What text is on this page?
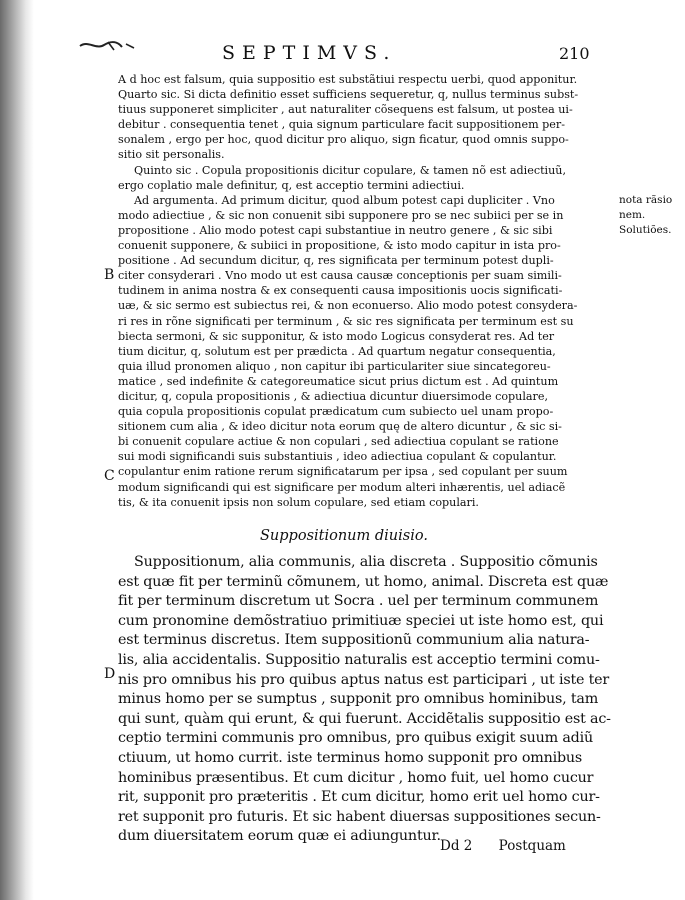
SEPTIMVS.	210

A d hoc est falsum, quia suppositio est substãtiui respectu uerbi, quod apponitur.
Quarto sic. Si dicta definitio esset sufficiens sequeretur, q, nullus terminus subst-
tiuus supponeret simpliciter , aut naturaliter cõsequens est falsum, ut postea ui-
debitur . consequentia tenet , quia signum particulare facit suppositionem per-
sonalem , ergo per hoc, quod dicitur pro aliquo, sign ficatur, quod omnis suppo-
sitio sit personalis.
Quinto sic . Copula propositionis dicitur copulare, & tamen nõ est adiectiuũ,
ergo coplatio male definitur, q, est acceptio termini adiectiui.
Ad argumenta. Ad primum dicitur, quod album potest capi dupliciter . Vno
modo adiectiue , & sic non conuenit sibi supponere pro se nec subiici per se in
propositione . Alio modo potest capi substantiue in neutro genere , & sic sibi
conuenit supponere, & subiici in propositione, & isto modo capitur in ista pro-
positione . Ad secundum dicitur, q, res significata per terminum potest dupli-
citer consyderari . Vno modo ut est causa causæ conceptionis per suam simili-
tudinem in anima nostra & ex consequenti causa impositionis uocis significati-
uæ, & sic sermo est subiectus rei, & non econuerso. Alio modo potest consydera-
ri res in rõne significati per terminum , & sic res significata per terminum est su
biecta sermoni, & sic supponitur, & isto modo Logicus consyderat res. Ad ter
tium dicitur, q, solutum est per prædicta . Ad quartum negatur consequentia,
quia illud pronomen aliquo , non capitur ibi particulariter siue sincategoreu-
matice , sed indefinite & categoreumatice sicut prius dictum est . Ad quintum
dicitur, q, copula propositionis , & adiectiua dicuntur diuersimode copulare,
quia copula propositionis copulat prædicatum cum subiecto uel unam propo-
sitionem cum alia , & ideo dicitur nota eorum quę de altero dicuntur , & sic si-
bi conuenit copulare actiue & non copulari , sed adiectiua copulant se ratione
sui modi significandi suis substantiuis , ideo adiectiua copulant & copulantur.
copulantur enim ratione rerum significatarum per ipsa , sed copulant per suum
modum significandi qui est significare per modum alteri inhærentis, uel adiacẽ
tis, & ita conuenit ipsis non solum copulare, sed etiam copulari.

nota rãsio
nem.
Solutiões.
B
C
D
Suppositionum diuisio.
Suppositionum, alia communis, alia discreta . Suppositio cõmunis
est quæ fit per terminũ cõmunem, ut homo, animal. Discreta est quæ
fit per terminum discretum ut Socra . uel per terminum communem
cum pronomine demõstratiuo primitiuæ speciei ut iste homo est, qui
est terminus discretus. Item suppositionũ communium alia natura-
lis, alia accidentalis. Suppositio naturalis est acceptio termini comu-
nis pro omnibus his pro quibus aptus natus est participari , ut iste ter
minus homo per se sumptus , supponit pro omnibus hominibus, tam
qui sunt, quàm qui erunt, & qui fuerunt. Accidẽtalis suppositio est ac-
ceptio termini communis pro omnibus, pro quibus exigit suum adiũ
ctiuum, ut homo currit. iste terminus homo supponit pro omnibus
hominibus præsentibus. Et cum dicitur , homo fuit, uel homo cucur
rit, supponit pro præteritis . Et cum dicitur, homo erit uel homo cur-
ret supponit pro futuris. Et sic habent diuersas suppositiones secun-
dum diuersitatem eorum quæ ei adiunguntur.
Dd 2 Postquam
